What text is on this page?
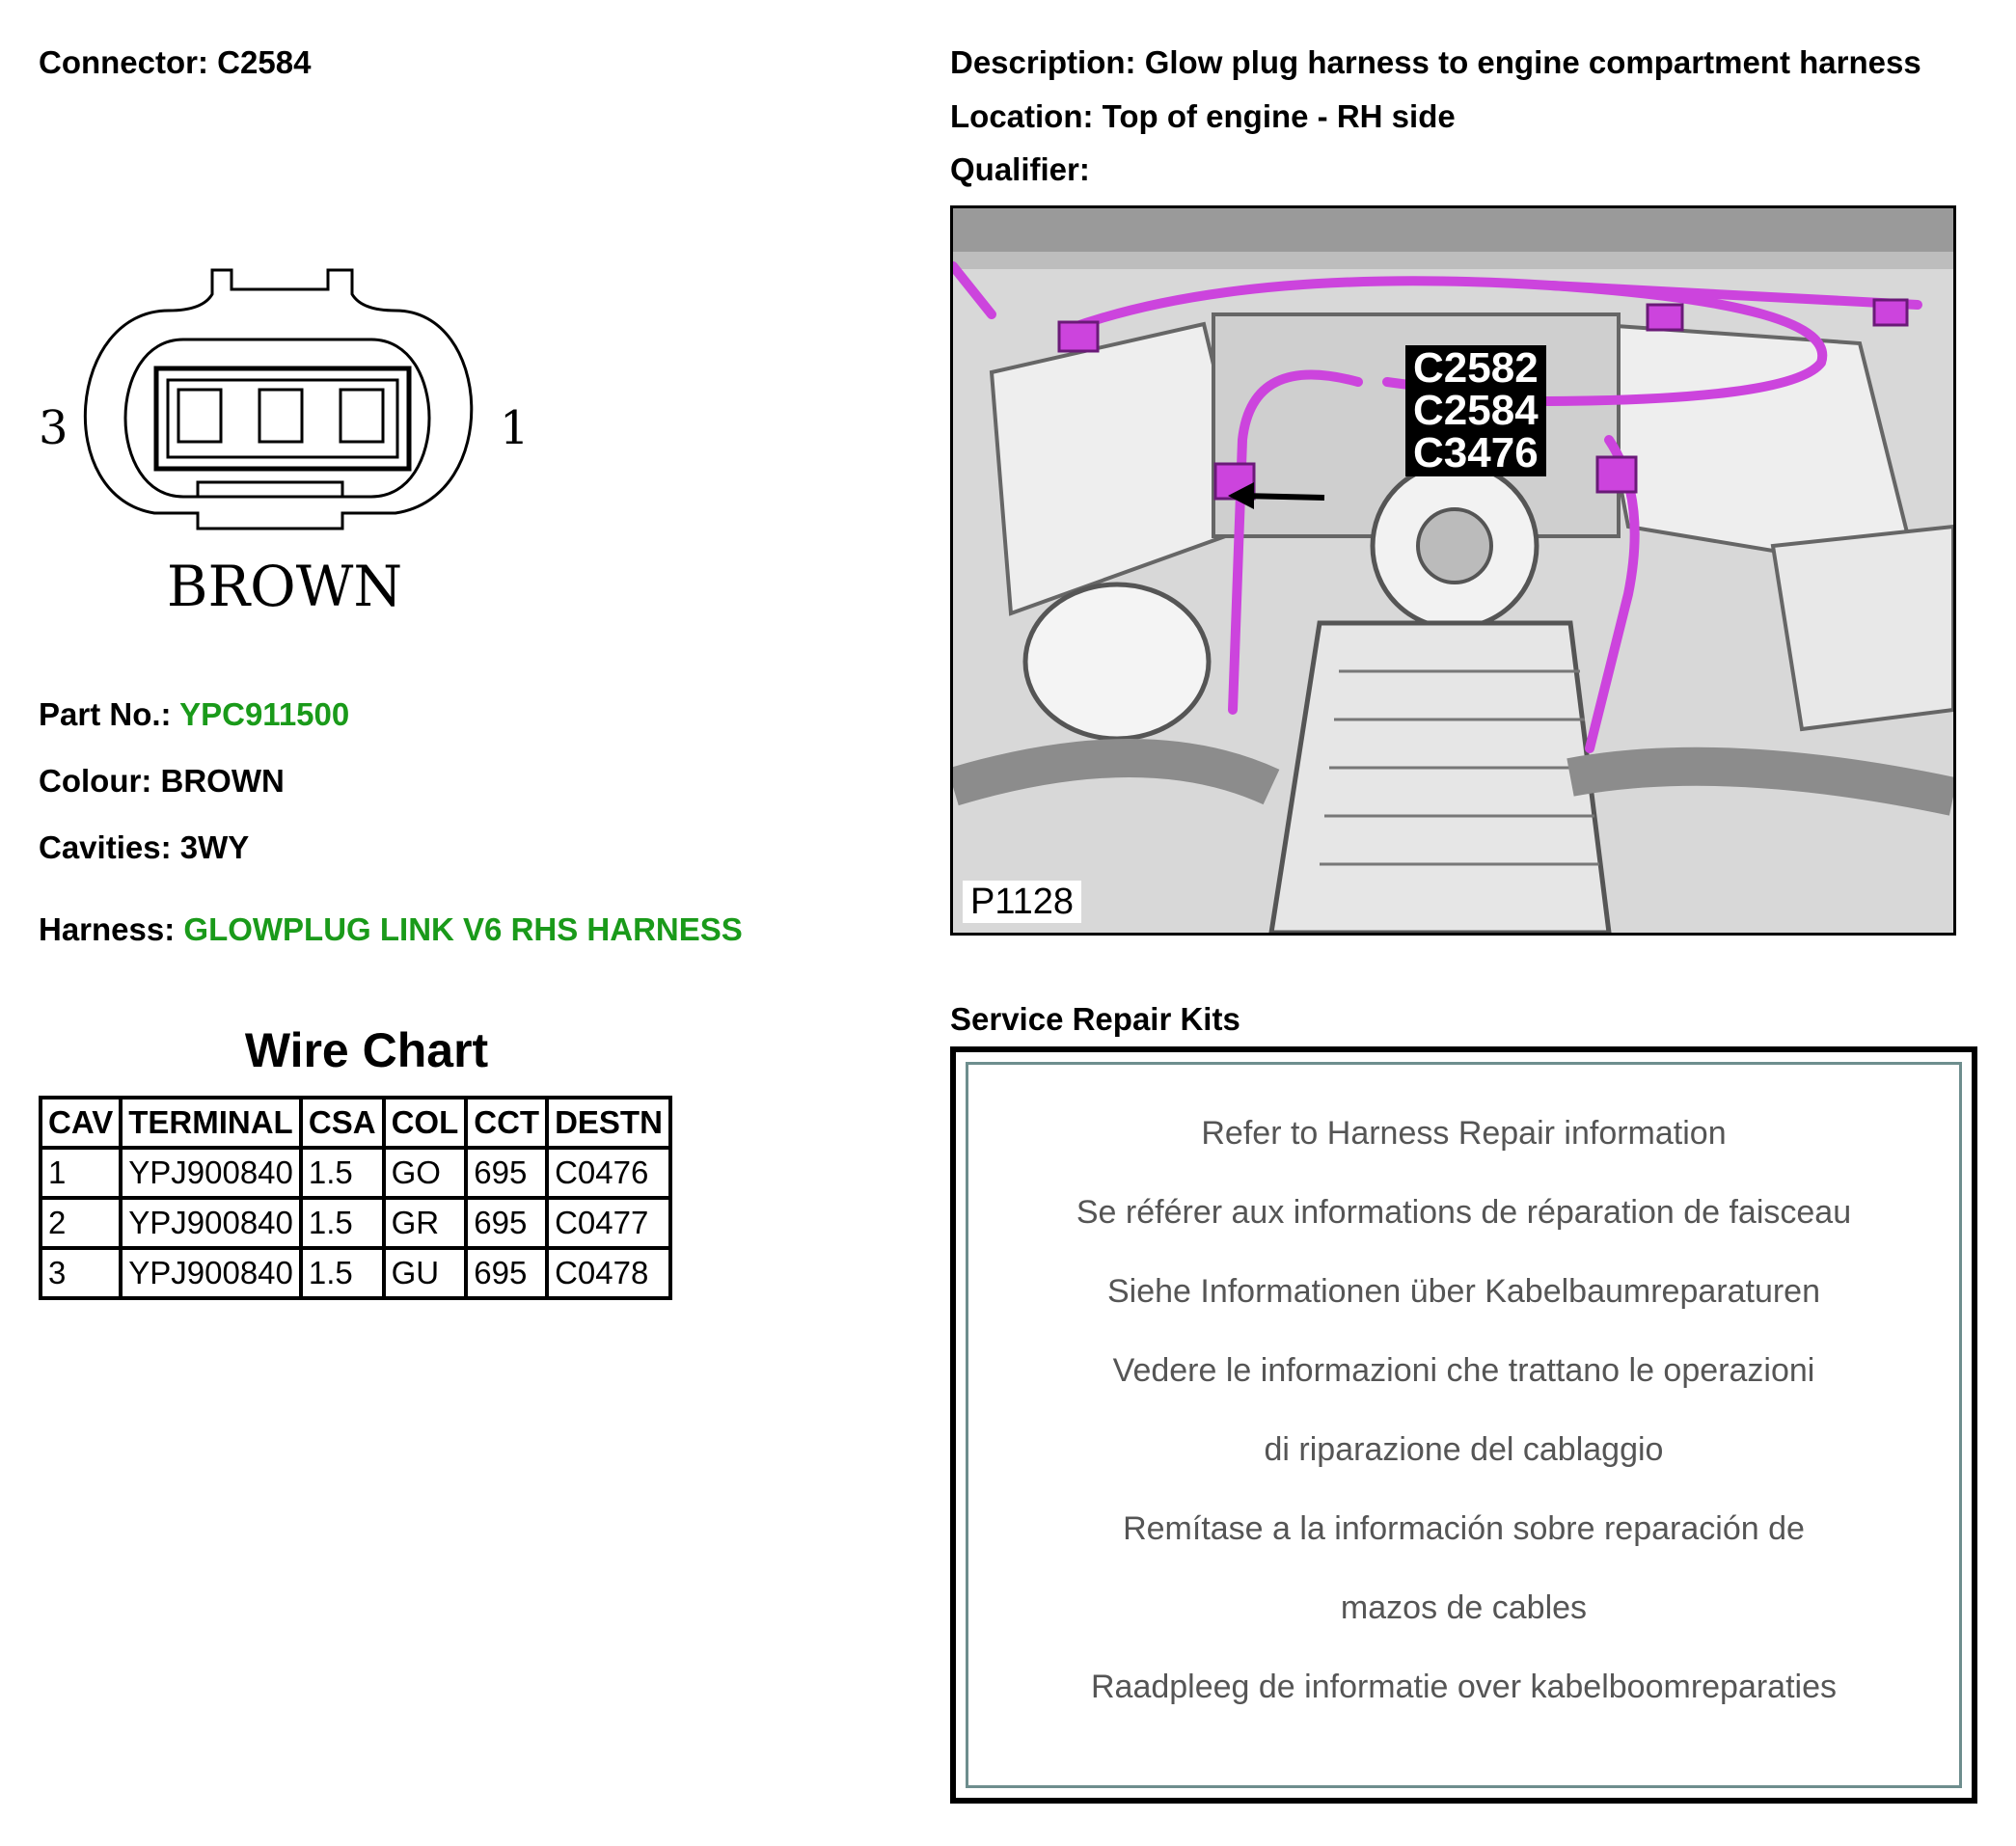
Connector: C2584	Description: Glow plug harness to engine compartment harness
Location: Top of engine - RH side
Qualifier:
3	1
BROWN
Part No.: YPC911500
Colour: BROWN
Cavities: 3WY
Harness: GLOWPLUG LINK V6 RHS HARNESS
Wire Chart
CAV	TERMINAL	CSA	COL	CCT	DESTN
1	YPJ900840	1.5	GO	695	C0476
2	YPJ900840	1.5	GR	695	C0477
3	YPJ900840	1.5	GU	695	C0478
C2582
C2584
C3476
P1128
Service Repair Kits
Refer to Harness Repair information
Se référer aux informations de réparation de faisceau
Siehe Informationen über Kabelbaumreparaturen
Vedere le informazioni che trattano le operazioni
di riparazione del cablaggio
Remítase a la información sobre reparación de
mazos de cables
Raadpleeg de informatie over kabelboomreparaties
